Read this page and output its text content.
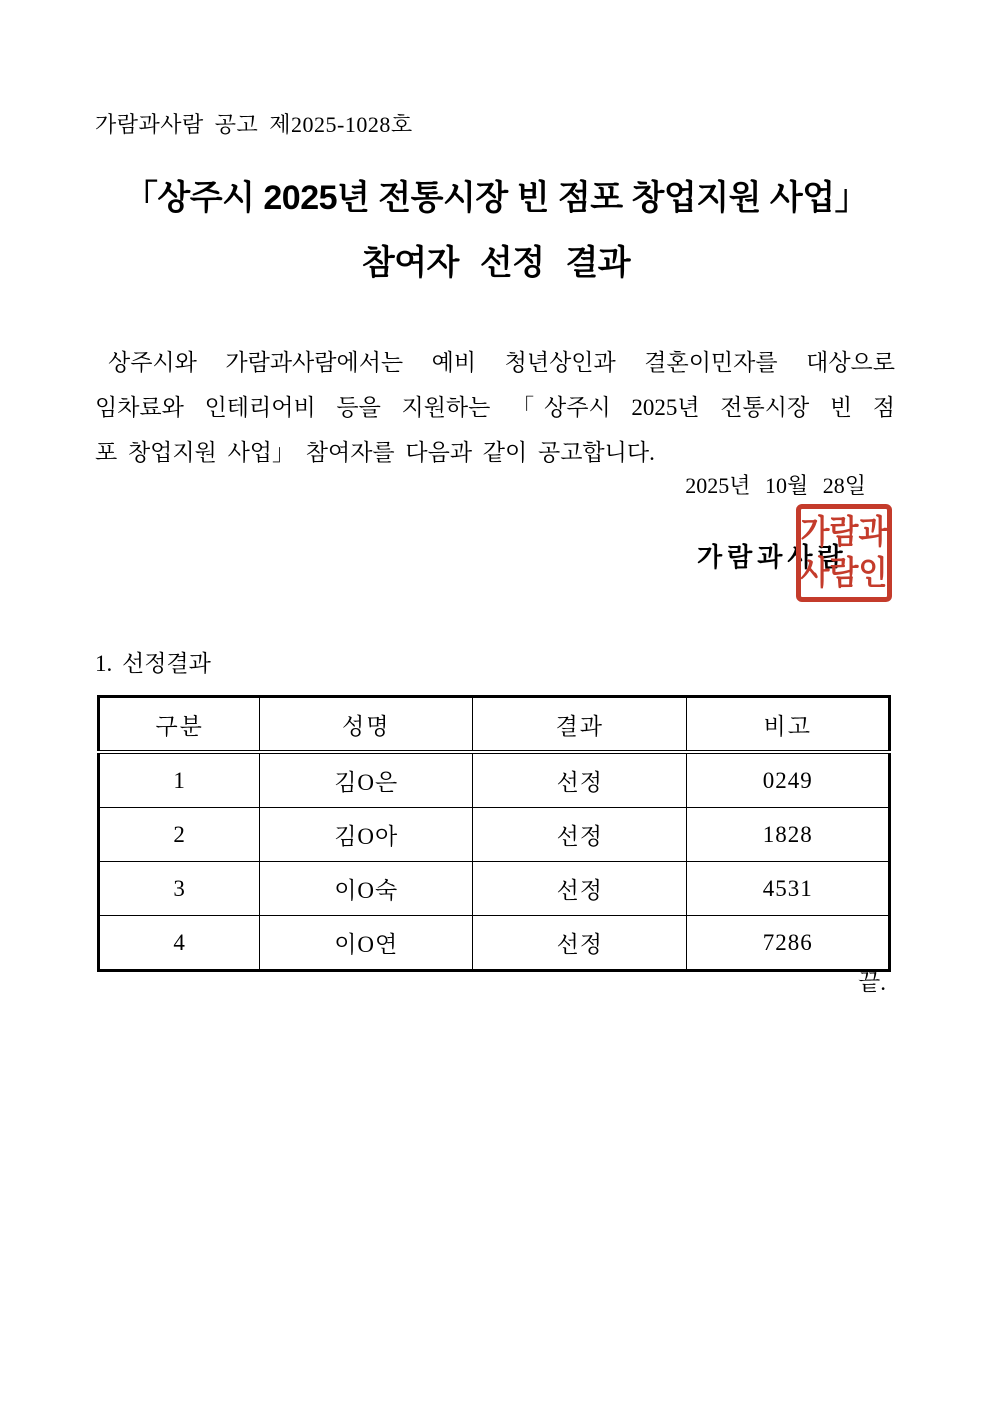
가람과사람 공고 제2025-1028호
「상주시 2025년 전통시장 빈 점포 창업지원 사업」
참여자 선정 결과
상주시와 가람과사람에서는 예비 청년상인과 결혼이민자를 대상으로
임차료와 인테리어비 등을 지원하는 「상주시 2025년 전통시장 빈 점
포 창업지원 사업」 참여자를 다음과 같이 공고합니다.
2025년 10월 28일
가람과사람
가람과
사람인
1. 선정결과
구분	성명	결과	비고
1	김O은	선정	0249
2	김O아	선정	1828
3	이O숙	선정	4531
4	이O연	선정	7286
끝.
